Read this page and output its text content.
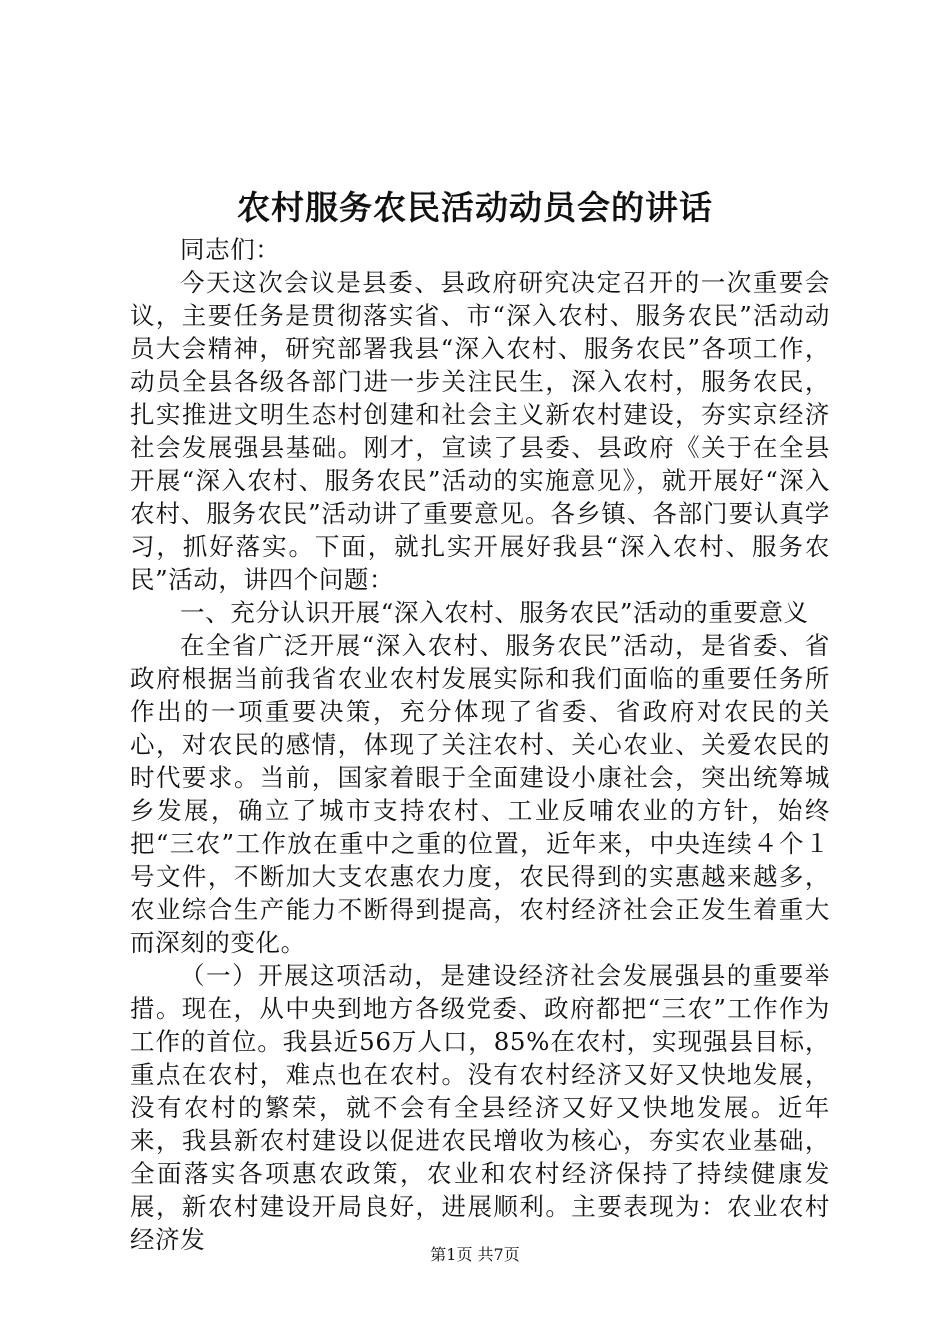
农村服务农民活动动员会的讲话

同志们：

今天这次会议是县委、县政府研究决定召开的一次重要会议，主要任务是贯彻落实省、市“深入农村、服务农民”活动动员大会精神，研究部署我县“深入农村、服务农民”各项工作，动员全县各级各部门进一步关注民生，深入农村，服务农民，扎实推进文明生态村创建和社会主义新农村建设，夯实京经济社会发展强县基础。刚才，宣读了县委、县政府《关于在全县开展“深入农村、服务农民”活动的实施意见》，就开展好“深入农村、服务农民”活动讲了重要意见。各乡镇、各部门要认真学习，抓好落实。下面，就扎实开展好我县“深入农村、服务农民”活动，讲四个问题：

一、充分认识开展“深入农村、服务农民”活动的重要意义

在全省广泛开展“深入农村、服务农民”活动，是省委、省政府根据当前我省农业农村发展实际和我们面临的重要任务所作出的一项重要决策，充分体现了省委、省政府对农民的关心，对农民的感情，体现了关注农村、关心农业、关爱农民的时代要求。当前，国家着眼于全面建设小康社会，突出统筹城乡发展，确立了城市支持农村、工业反哺农业的方针，始终把“三农”工作放在重中之重的位置，近年来，中央连续４个１号文件，不断加大支农惠农力度，农民得到的实惠越来越多，农业综合生产能力不断得到提高，农村经济社会正发生着重大而深刻的变化。

（一）开展这项活动，是建设经济社会发展强县的重要举措。现在，从中央到地方各级党委、政府都把“三农”工作作为工作的首位。我县近56万人口，85%在农村，实现强县目标，重点在农村，难点也在农村。没有农村经济又好又快地发展，没有农村的繁荣，就不会有全县经济又好又快地发展。近年来，我县新农村建设以促进农民增收为核心，夯实农业基础，全面落实各项惠农政策，农业和农村经济保持了持续健康发展，新农村建设开局良好，进展顺利。主要表现为：农业农村经济发

第1页 共7页
